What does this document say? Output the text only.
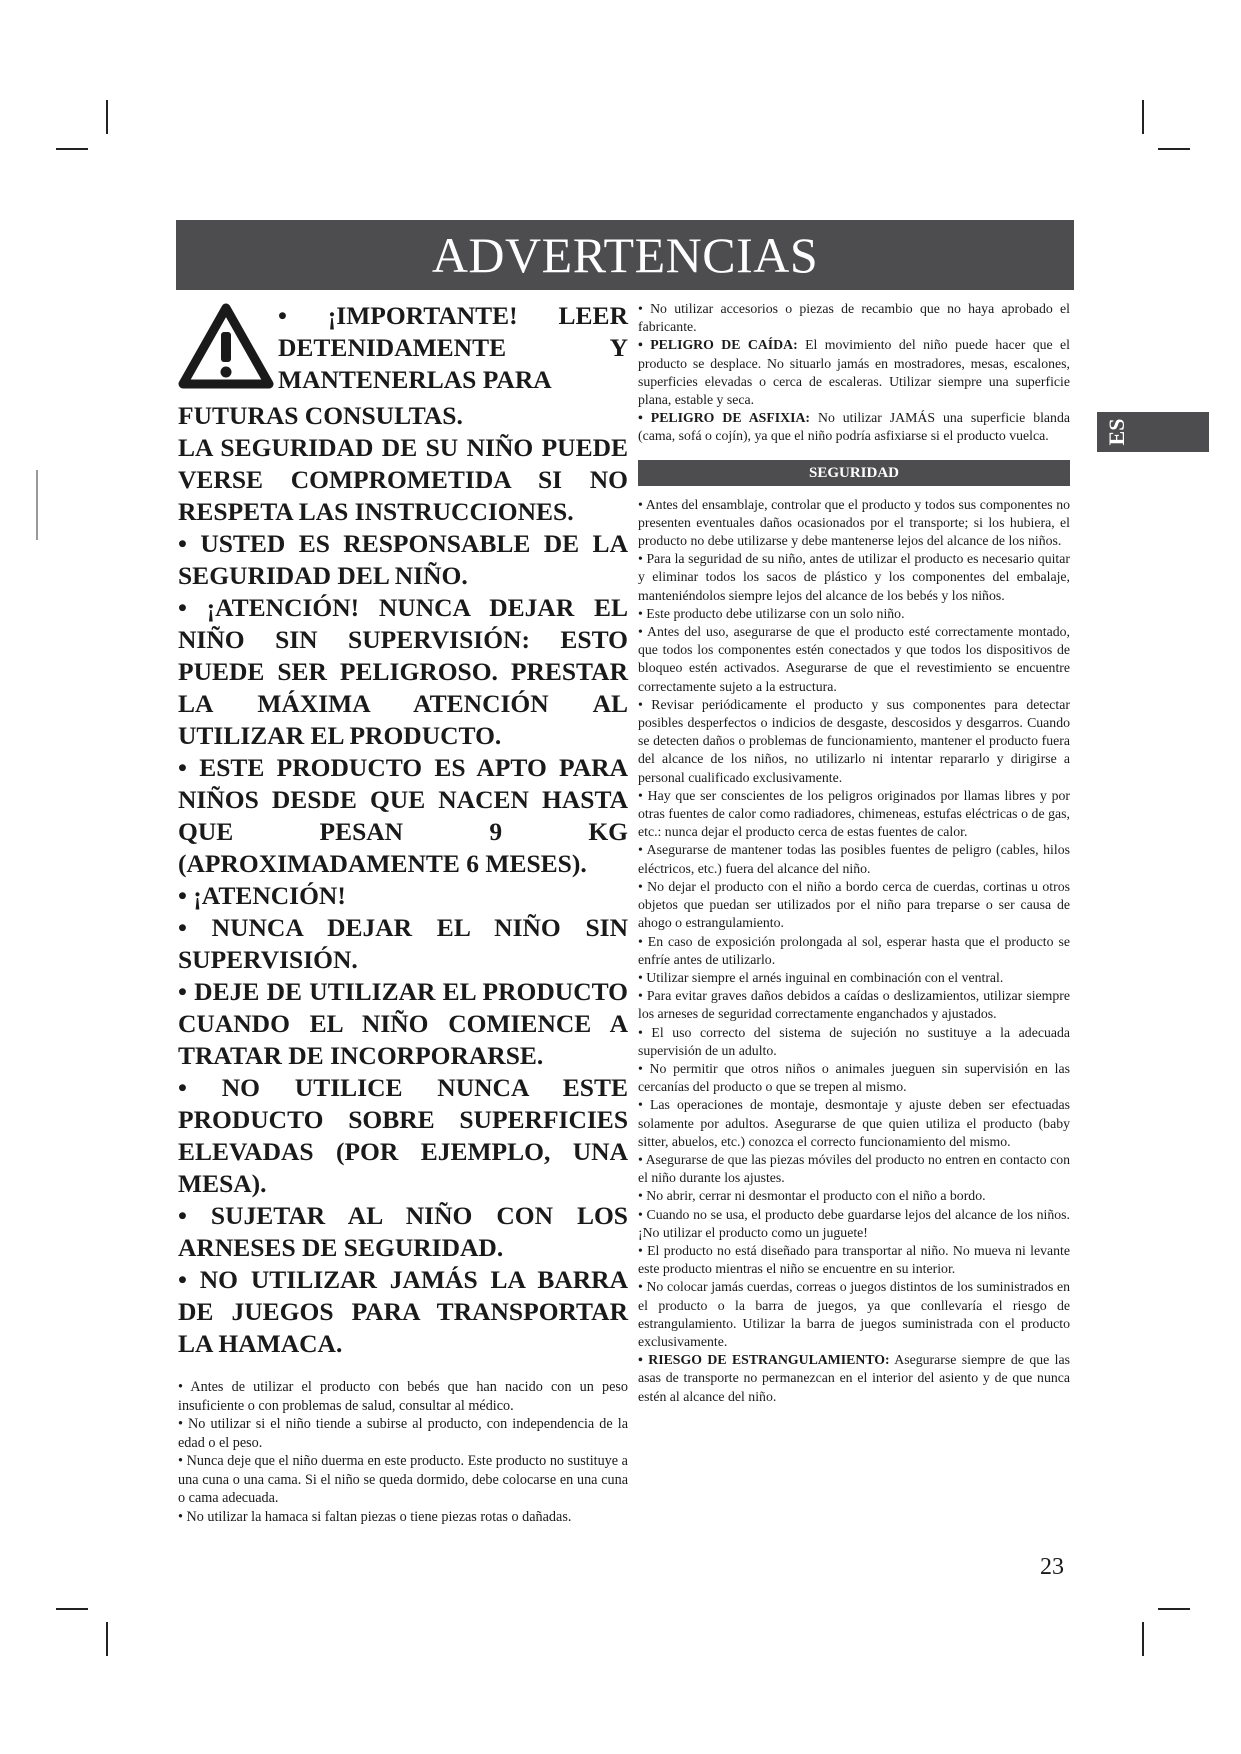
ADVERTENCIAS
ES

• ¡IMPORTANTE! LEER DETENIDAMENTE Y MANTENERLAS PARA

FUTURAS CONSULTAS.

LA SEGURIDAD DE SU NIÑO PUEDE VERSE COMPROMETIDA SI NO RESPETA LAS INSTRUCCIONES.

• USTED ES RESPONSABLE DE LA SEGURIDAD DEL NIÑO.

• ¡ATENCIÓN! NUNCA DEJAR EL NIÑO SIN SUPERVISIÓN: ESTO PUEDE SER PELIGROSO. PRESTAR LA MÁXIMA ATENCIÓN AL UTILIZAR EL PRODUCTO.

• ESTE PRODUCTO ES APTO PARA NIÑOS DESDE QUE NACEN HASTA QUE PESAN 9 KG (APROXIMADAMENTE 6 MESES).

• ¡ATENCIÓN!

• NUNCA DEJAR EL NIÑO SIN SUPERVISIÓN.

• DEJE DE UTILIZAR EL PRODUCTO CUANDO EL NIÑO COMIENCE A TRATAR DE INCORPORARSE.

• NO UTILICE NUNCA ESTE PRODUCTO SOBRE SUPERFICIES ELEVADAS (POR EJEMPLO, UNA MESA).

• SUJETAR AL NIÑO CON LOS ARNESES DE SEGURIDAD.

• NO UTILIZAR JAMÁS LA BARRA DE JUEGOS PARA TRANSPORTAR LA HAMACA.

• Antes de utilizar el producto con bebés que han nacido con un peso insuficiente o con problemas de salud, consultar al médico.

• No utilizar si el niño tiende a subirse al producto, con independencia de la edad o el peso.

• Nunca deje que el niño duerma en este producto. Este producto no sustituye a una cuna o una cama. Si el niño se queda dormido, debe colocarse en una cuna o cama adecuada.

• No utilizar la hamaca si faltan piezas o tiene piezas rotas o dañadas.

• No utilizar accesorios o piezas de recambio que no haya aprobado el fabricante.

• PELIGRO DE CAÍDA: El movimiento del niño puede hacer que el producto se desplace. No situarlo jamás en mostradores, mesas, escalones, superficies elevadas o cerca de escaleras. Utilizar siempre una superficie plana, estable y seca.

• PELIGRO DE ASFIXIA: No utilizar JAMÁS una superficie blanda (cama, sofá o cojín), ya que el niño podría asfixiarse si el producto vuelca.

SEGURIDAD

• Antes del ensamblaje, controlar que el producto y todos sus componentes no presenten eventuales daños ocasionados por el transporte; si los hubiera, el producto no debe utilizarse y debe mantenerse lejos del alcance de los niños.

• Para la seguridad de su niño, antes de utilizar el producto es necesario quitar y eliminar todos los sacos de plástico y los componentes del embalaje, manteniéndolos siempre lejos del alcance de los bebés y los niños.

• Este producto debe utilizarse con un solo niño.

• Antes del uso, asegurarse de que el producto esté correctamente montado, que todos los componentes estén conectados y que todos los dispositivos de bloqueo estén activados. Asegurarse de que el revestimiento se encuentre correctamente sujeto a la estructura.

• Revisar periódicamente el producto y sus componentes para detectar posibles desperfectos o indicios de desgaste, descosidos y desgarros. Cuando se detecten daños o problemas de funcionamiento, mantener el producto fuera del alcance de los niños, no utilizarlo ni intentar repararlo y dirigirse a personal cualificado exclusivamente.

• Hay que ser conscientes de los peligros originados por llamas libres y por otras fuentes de calor como radiadores, chimeneas, estufas eléctricas o de gas, etc.: nunca dejar el producto cerca de estas fuentes de calor.

• Asegurarse de mantener todas las posibles fuentes de peligro (cables, hilos eléctricos, etc.) fuera del alcance del niño.

• No dejar el producto con el niño a bordo cerca de cuerdas, cortinas u otros objetos que puedan ser utilizados por el niño para treparse o ser causa de ahogo o estrangulamiento.

• En caso de exposición prolongada al sol, esperar hasta que el producto se enfríe antes de utilizarlo.

• Utilizar siempre el arnés inguinal en combinación con el ventral.

• Para evitar graves daños debidos a caídas o deslizamientos, utilizar siempre los arneses de seguridad correctamente enganchados y ajustados.

• El uso correcto del sistema de sujeción no sustituye a la adecuada supervisión de un adulto.

• No permitir que otros niños o animales jueguen sin supervisión en las cercanías del producto o que se trepen al mismo.

• Las operaciones de montaje, desmontaje y ajuste deben ser efectuadas solamente por adultos. Asegurarse de que quien utiliza el producto (baby sitter, abuelos, etc.) conozca el correcto funcionamiento del mismo.

• Asegurarse de que las piezas móviles del producto no entren en contacto con el niño durante los ajustes.

• No abrir, cerrar ni desmontar el producto con el niño a bordo.

• Cuando no se usa, el producto debe guardarse lejos del alcance de los niños. ¡No utilizar el producto como un juguete!

• El producto no está diseñado para transportar al niño. No mueva ni levante este producto mientras el niño se encuentre en su interior.

• No colocar jamás cuerdas, correas o juegos distintos de los suministrados en el producto o la barra de juegos, ya que conllevaría el riesgo de estrangulamiento. Utilizar la barra de juegos suministrada con el producto exclusivamente.

• RIESGO DE ESTRANGULAMIENTO: Asegurarse siempre de que las asas de transporte no permanezcan en el interior del asiento y de que nunca estén al alcance del niño.

23
